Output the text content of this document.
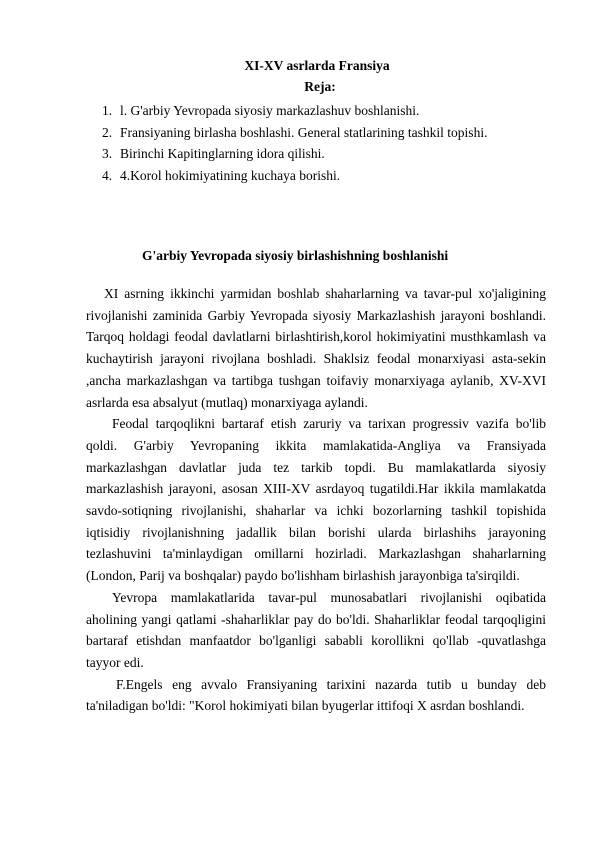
XI-XV asrlarda Fransiya
Reja:
1. l. G'arbiy Yevropada siyosiy markazlashuv boshlanishi.
2. Fransiyaning birlasha boshlashi. General statlarining tashkil topishi.
3. Birinchi Kapitinglarning idora qilishi.
4. 4.Korol hokimiyatining kuchaya borishi.
G'arbiy Yevropada siyosiy birlashishning boshlanishi

XI asrning ikkinchi yarmidan boshlab shaharlarning va tavar-pul xo'jaligining rivojlanishi zaminida Garbiy Yevropada siyosiy Markazlashish jarayoni boshlandi. Tarqoq holdagi feodal davlatlarni birlashtirish,korol hokimiyatini musthkamlash va kuchaytirish jarayoni rivojlana boshladi. Shaklsiz feodal monarxiyasi asta-sekin ,ancha markazlashgan va tartibga tushgan toifaviy monarxiyaga aylanib, XV-XVI asrlarda esa absalyut (mutlaq) monarxiyaga aylandi.

Feodal tarqoqlikni bartaraf etish zaruriy va tarixan progressiv vazifa bo'lib qoldi. G'arbiy Yevropaning ikkita mamlakatida-Angliya va Fransiyada markazlashgan davlatlar juda tez tarkib topdi. Bu mamlakatlarda siyosiy markazlashish jarayoni, asosan XIII-XV asrdayoq tugatildi.Har ikkila mamlakatda savdo-sotiqning rivojlanishi, shaharlar va ichki bozorlarning tashkil topishida iqtisidiy rivojlanishning jadallik bilan borishi ularda birlashihs jarayoning tezlashuvini ta'minlaydigan omillarni hozirladi. Markazlashgan shaharlarning (London, Parij va boshqalar) paydo bo'lishham birlashish jarayonbiga ta'sirqildi.

Yevropa mamlakatlarida tavar-pul munosabatlari rivojlanishi oqibatida aholining yangi qatlami -shaharliklar pay do bo'ldi. Shaharliklar feodal tarqoqligini bartaraf etishdan manfaatdor bo'lganligi sababli korollikni qo'llab -quvatlashga tayyor edi.

F.Engels eng avvalo Fransiyaning tarixini nazarda tutib u bunday deb ta'niladigan bo'ldi: "Korol hokimiyati bilan byugerlar ittifoqi X asrdan boshlandi.
